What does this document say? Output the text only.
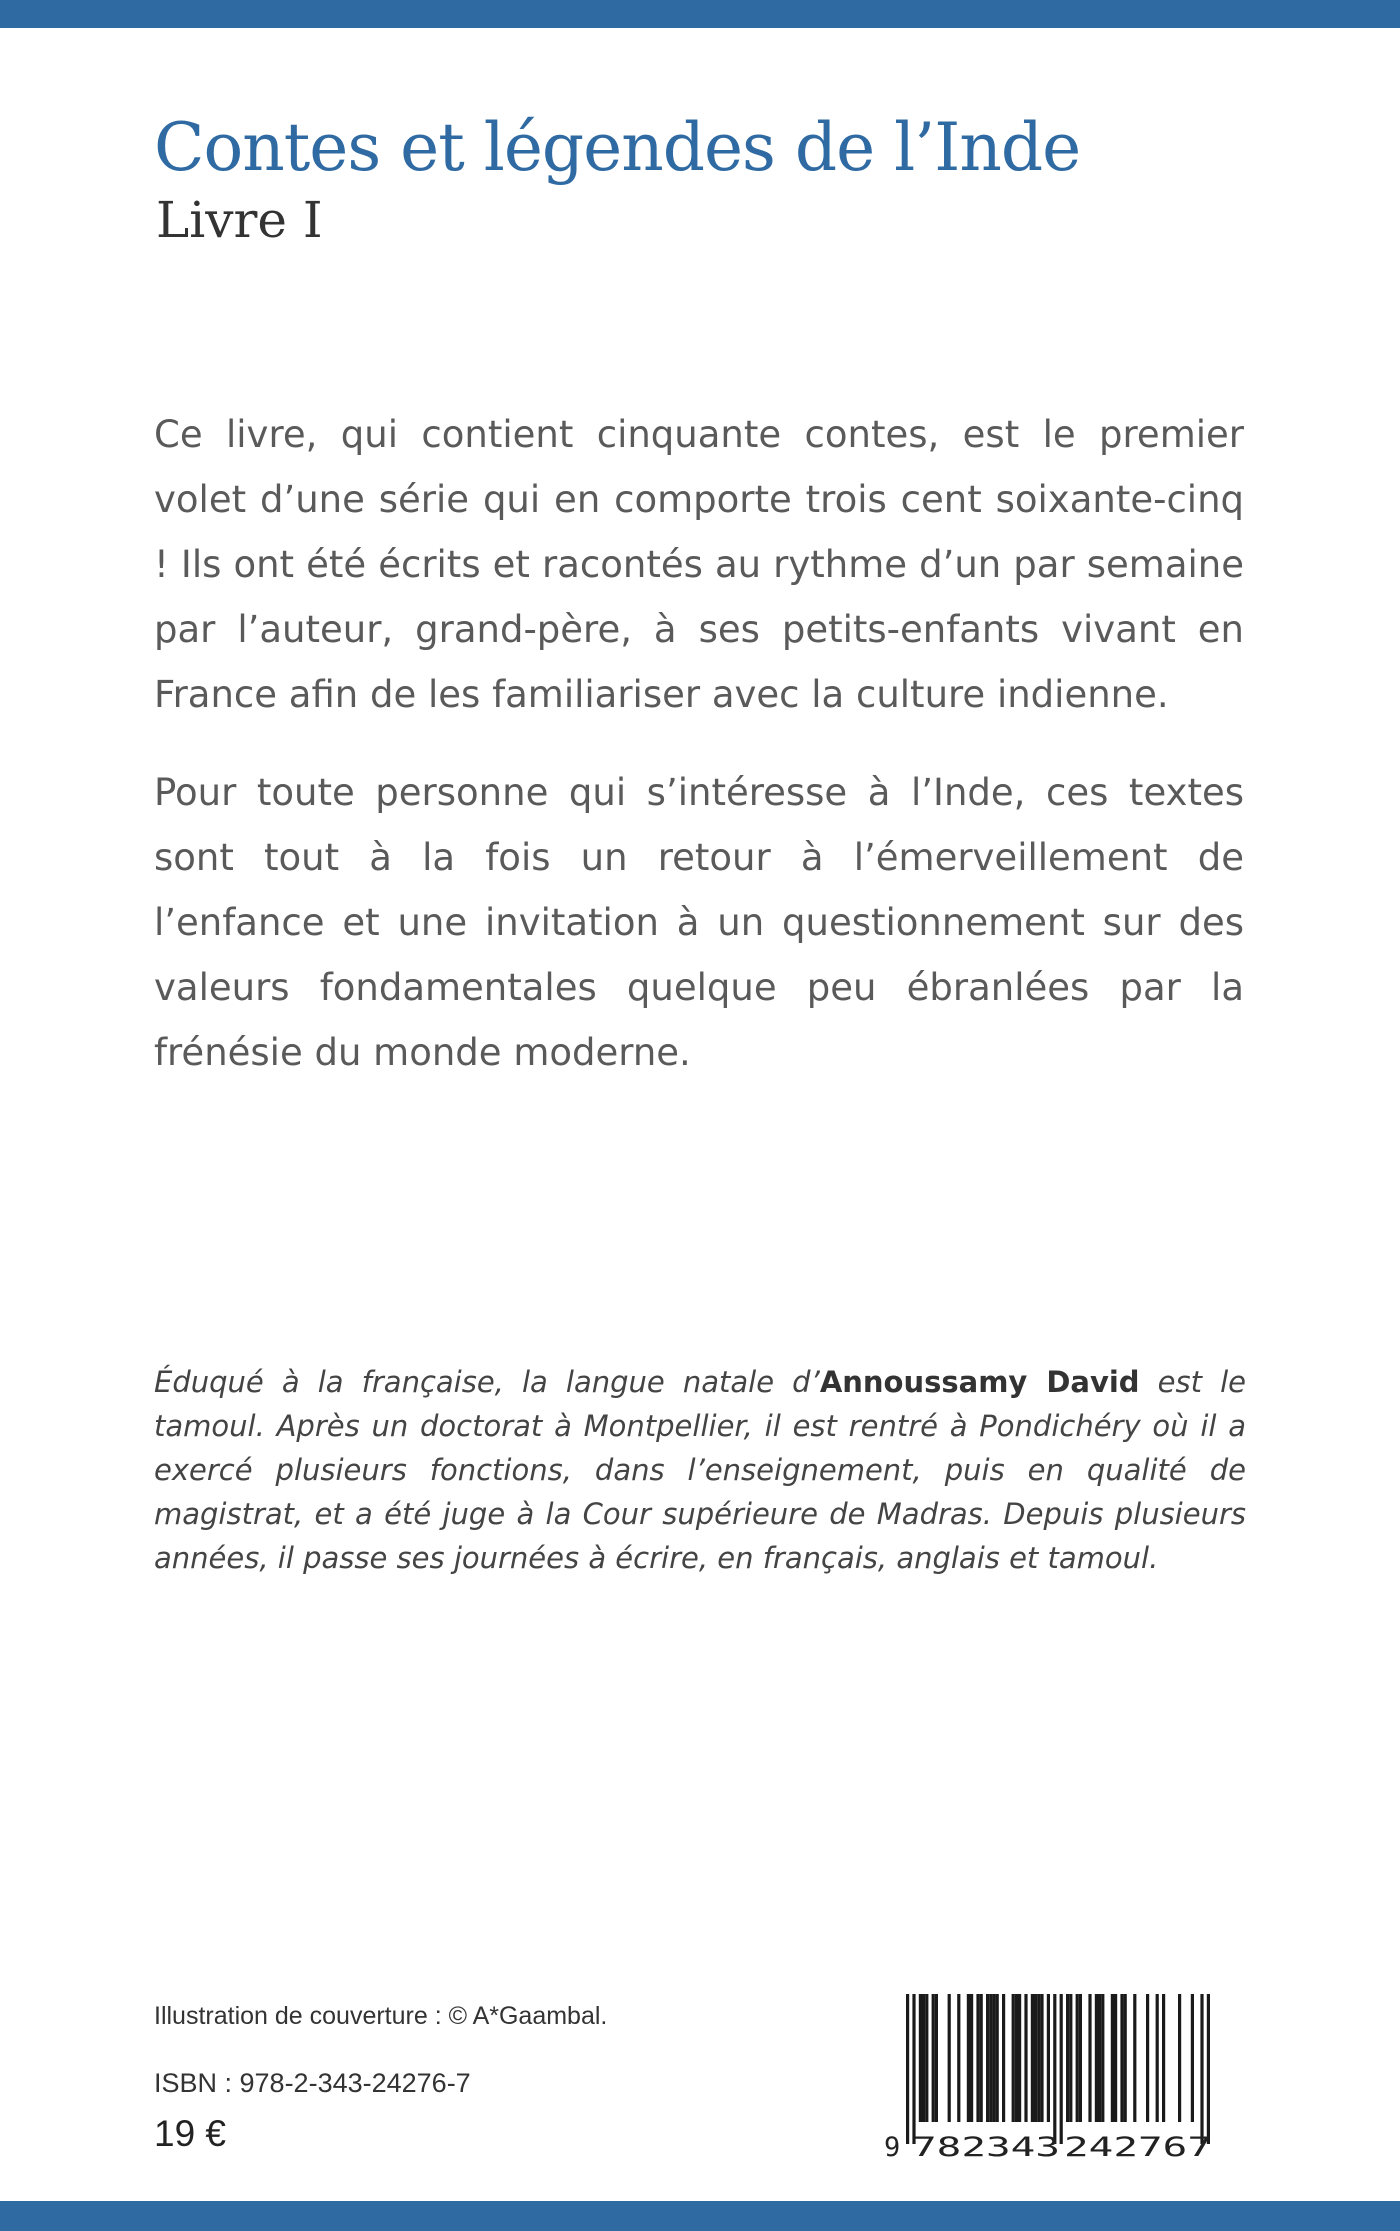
Contes et légendes de l’Inde
Livre I

Ce livre, qui contient cinquante contes, est le premier volet d’une série qui en comporte trois cent soixante-cinq ! Ils ont été écrits et racontés au rythme d’un par semaine par l’auteur, grand-père, à ses petits-enfants vivant en France afin de les familiariser avec la culture indienne.

Pour toute personne qui s’intéresse à l’Inde, ces textes sont tout à la fois un retour à l’émerveillement de l’enfance et une invitation à un questionnement sur des valeurs fondamentales quelque peu ébranlées par la frénésie du monde moderne.

Éduqué à la française, la langue natale d’Annoussamy David est le tamoul. Après un doctorat à Montpellier, il est rentré à Pondichéry où il a exercé plusieurs fonctions, dans l’enseignement, puis en qualité de magistrat, et a été juge à la Cour supérieure de Madras. Depuis plusieurs années, il passe ses journées à écrire, en français, anglais et tamoul.

Illustration de couverture : © A*Gaambal.
ISBN : 978-2-343-24276-7
19 €	9 782343 242767
